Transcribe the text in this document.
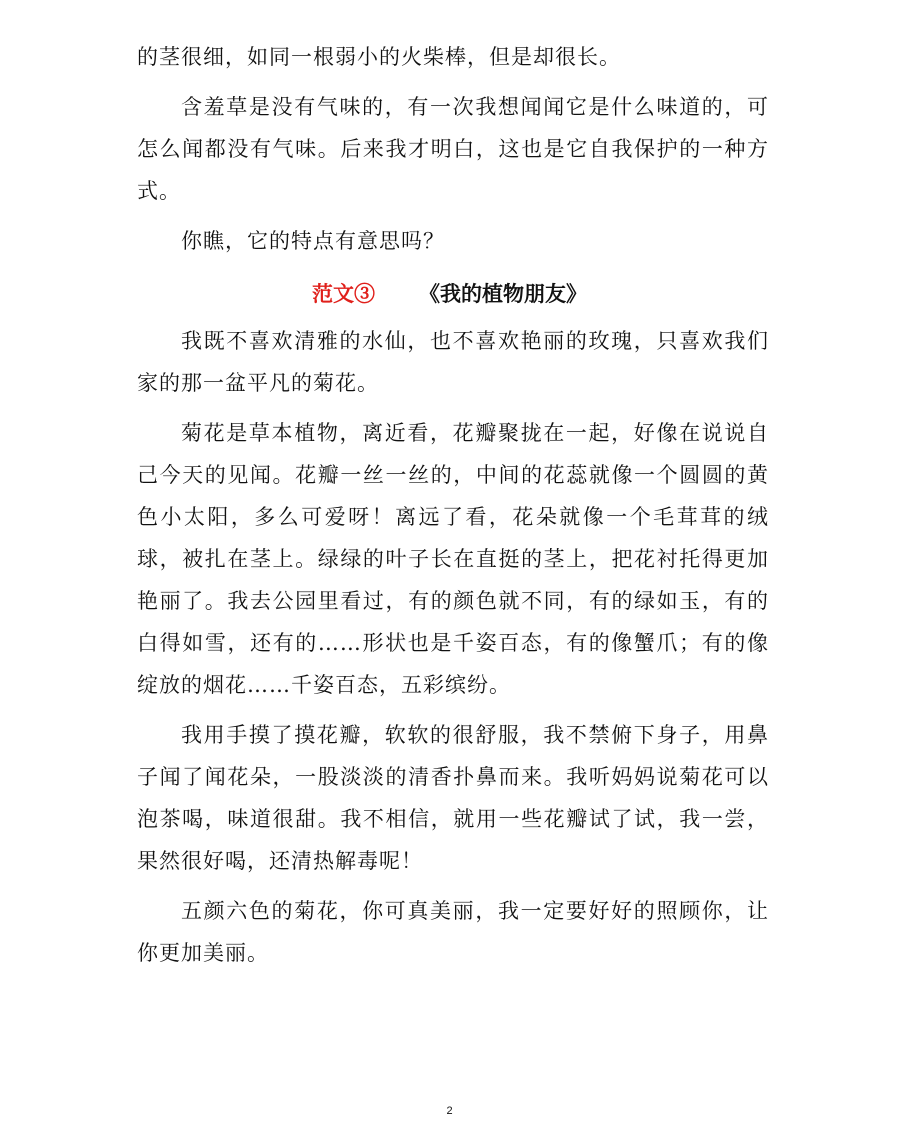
的茎很细，如同一根弱小的火柴棒，但是却很长。

含羞草是没有气味的，有一次我想闻闻它是什么味道的，可怎么闻都没有气味。后来我才明白，这也是它自我保护的一种方式。

你瞧，它的特点有意思吗？

范文③ 《我的植物朋友》

我既不喜欢清雅的水仙，也不喜欢艳丽的玫瑰，只喜欢我们家的那一盆平凡的菊花。

菊花是草本植物，离近看，花瓣聚拢在一起，好像在说说自己今天的见闻。花瓣一丝一丝的，中间的花蕊就像一个圆圆的黄色小太阳，多么可爱呀！离远了看，花朵就像一个毛茸茸的绒球，被扎在茎上。绿绿的叶子长在直挺的茎上，把花衬托得更加艳丽了。我去公园里看过，有的颜色就不同，有的绿如玉，有的白得如雪，还有的……形状也是千姿百态，有的像蟹爪；有的像绽放的烟花……千姿百态，五彩缤纷。

我用手摸了摸花瓣，软软的很舒服，我不禁俯下身子，用鼻子闻了闻花朵，一股淡淡的清香扑鼻而来。我听妈妈说菊花可以泡茶喝，味道很甜。我不相信，就用一些花瓣试了试，我一尝，果然很好喝，还清热解毒呢！

五颜六色的菊花，你可真美丽，我一定要好好的照顾你，让你更加美丽。

2
